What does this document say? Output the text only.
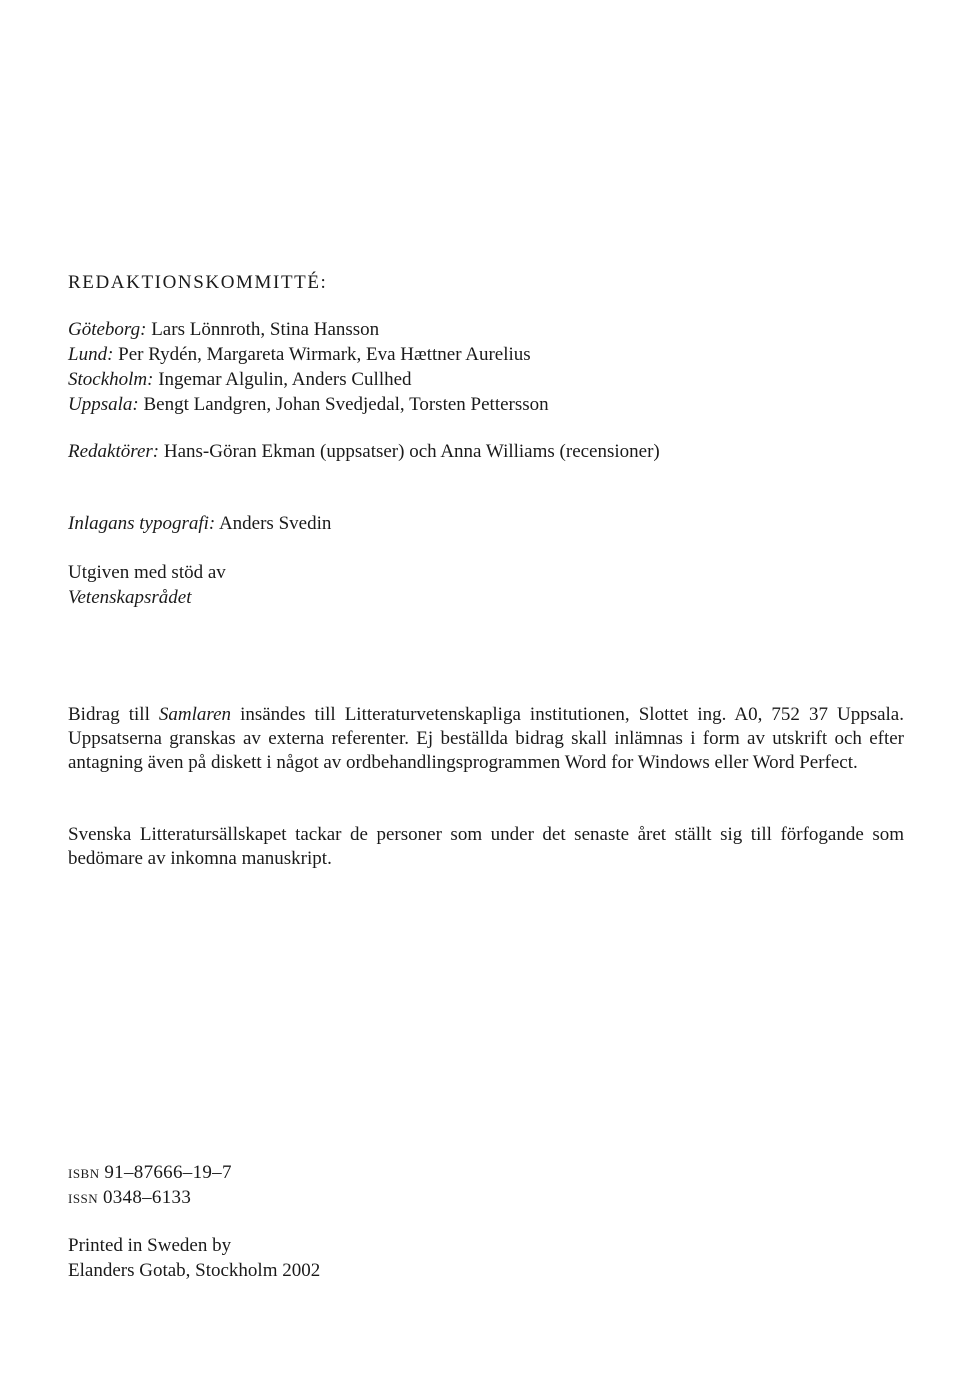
REDAKTIONSKOMMITTÉ:
Göteborg: Lars Lönnroth, Stina Hansson
Lund: Per Rydén, Margareta Wirmark, Eva Hættner Aurelius
Stockholm: Ingemar Algulin, Anders Cullhed
Uppsala: Bengt Landgren, Johan Svedjedal, Torsten Pettersson
Redaktörer: Hans-Göran Ekman (uppsatser) och Anna Williams (recensioner)
Inlagans typografi: Anders Svedin
Utgiven med stöd av
Vetenskapsrådet
Bidrag till Samlaren insändes till Litteraturvetenskapliga institutionen, Slottet ing. A0, 752 37 Uppsala. Uppsatserna granskas av externa referenter. Ej beställda bidrag skall inlämnas i form av utskrift och efter antagning även på diskett i något av ordbehandlingsprogrammen Word for Windows eller Word Perfect.
Svenska Litteratursällskapet tackar de personer som under det senaste året ställt sig till förfogande som bedömare av inkomna manuskript.
isbn 91–87666–19–7
issn 0348–6133
Printed in Sweden by
Elanders Gotab, Stockholm 2002
